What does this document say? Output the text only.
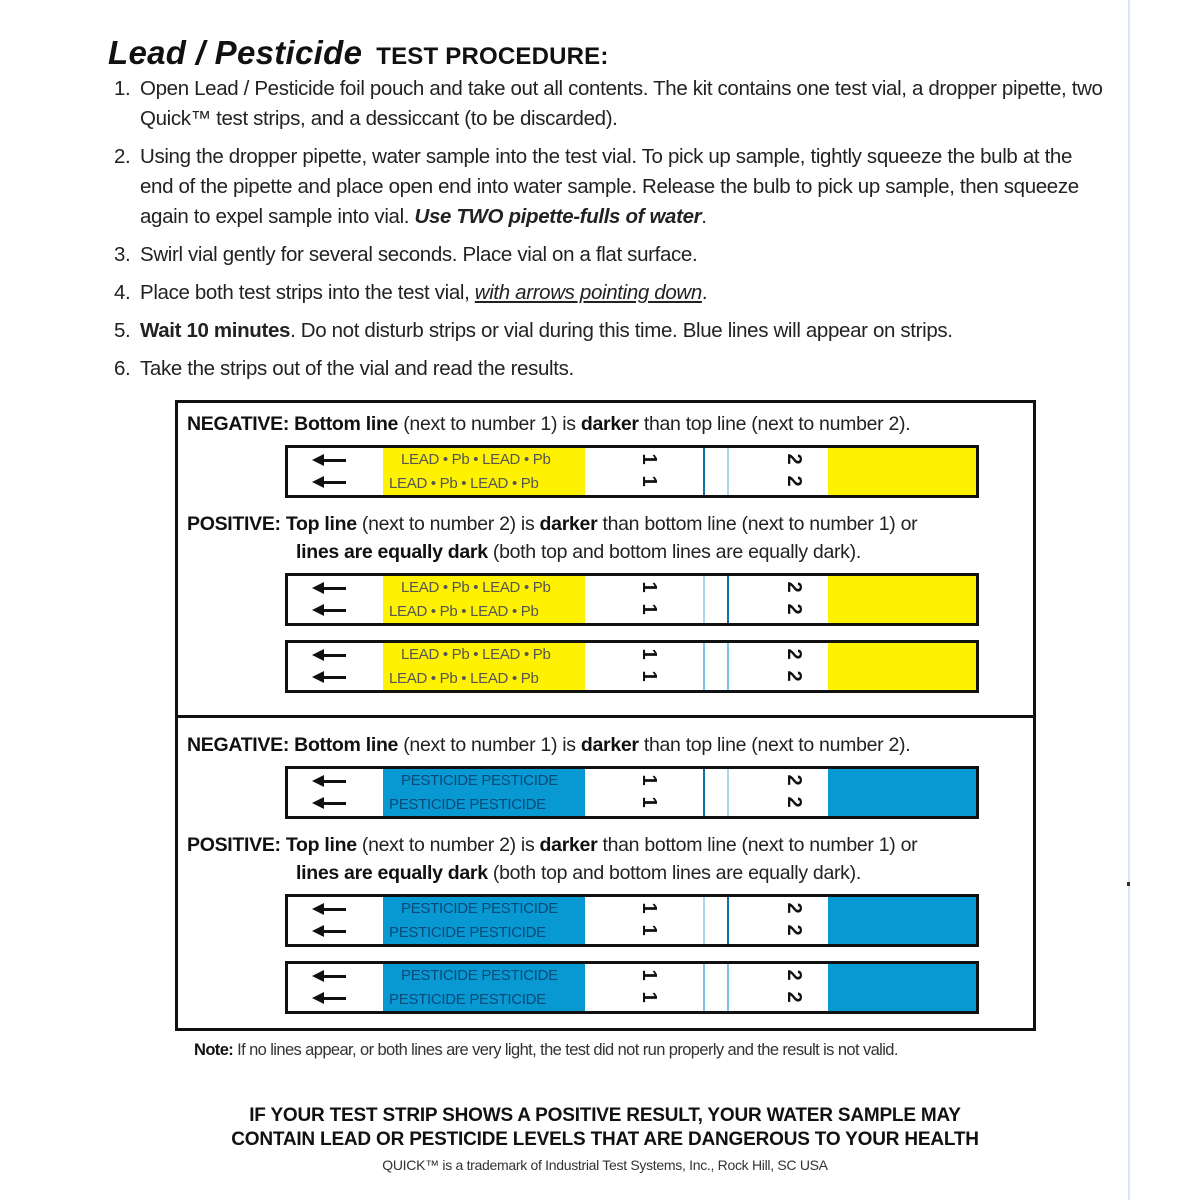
Lead / Pesticide TEST PROCEDURE:
1. Open Lead / Pesticide foil pouch and take out all contents. The kit contains one test vial, a dropper pipette, two Quick™ test strips, and a dessiccant (to be discarded).
2. Using the dropper pipette, water sample into the test vial. To pick up sample, tightly squeeze the bulb at the end of the pipette and place open end into water sample. Release the bulb to pick up sample, then squeeze again to expel sample into vial. Use TWO pipette-fulls of water.
3. Swirl vial gently for several seconds. Place vial on a flat surface.
4. Place both test strips into the test vial, with arrows pointing down.
5. Wait 10 minutes. Do not disturb strips or vial during this time. Blue lines will appear on strips.
6. Take the strips out of the vial and read the results.
NEGATIVE: Bottom line (next to number 1) is darker than top line (next to number 2).
LEAD • Pb • LEAD • Pb
LEAD • Pb • LEAD • Pb
1
1
2
2
POSITIVE: Top line (next to number 2) is darker than bottom line (next to number 1) or
lines are equally dark (both top and bottom lines are equally dark).
LEAD • Pb • LEAD • Pb
LEAD • Pb • LEAD • Pb
1
1
2
2
LEAD • Pb • LEAD • Pb
LEAD • Pb • LEAD • Pb
1
1
2
2
NEGATIVE: Bottom line (next to number 1) is darker than top line (next to number 2).
PESTICIDE PESTICIDE
PESTICIDE PESTICIDE
1
1
2
2
POSITIVE: Top line (next to number 2) is darker than bottom line (next to number 1) or
lines are equally dark (both top and bottom lines are equally dark).
PESTICIDE PESTICIDE
PESTICIDE PESTICIDE
1
1
2
2
PESTICIDE PESTICIDE
PESTICIDE PESTICIDE
1
1
2
2
Note: If no lines appear, or both lines are very light, the test did not run properly and the result is not valid.
IF YOUR TEST STRIP SHOWS A POSITIVE RESULT, YOUR WATER SAMPLE MAY
CONTAIN LEAD OR PESTICIDE LEVELS THAT ARE DANGEROUS TO YOUR HEALTH
QUICK™ is a trademark of Industrial Test Systems, Inc., Rock Hill, SC USA
